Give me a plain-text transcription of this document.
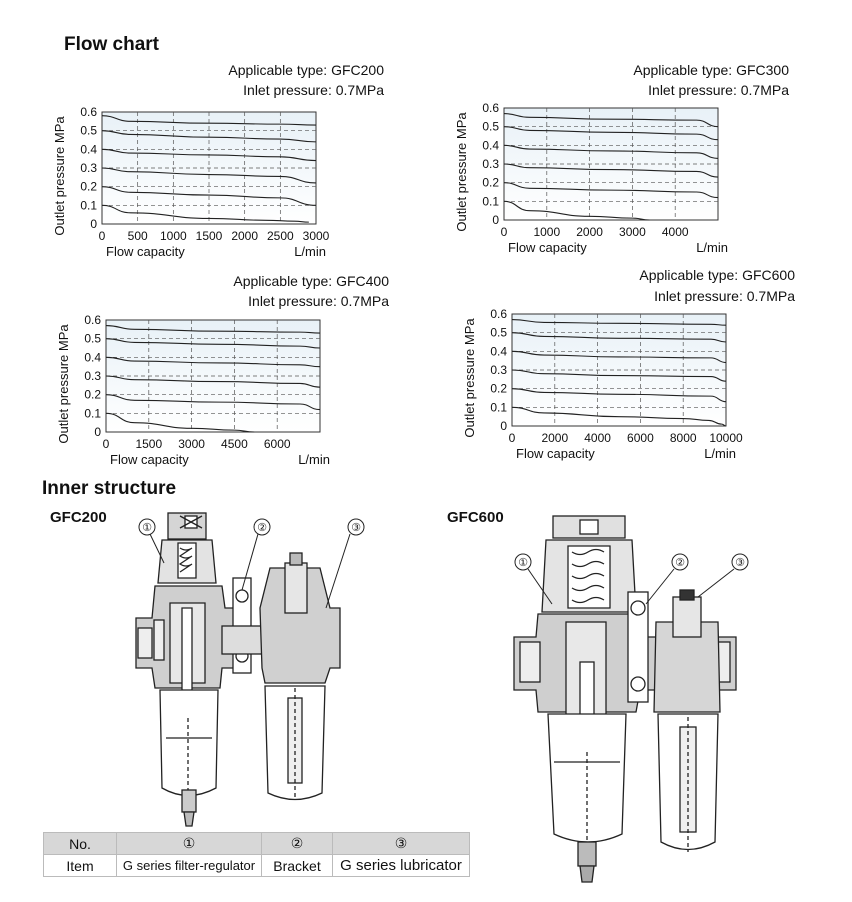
Flow chart
Applicable type: GFC200
Inlet pressure: 0.7MPa
Applicable type: GFC300
Inlet pressure: 0.7MPa
Applicable type: GFC400
Inlet pressure: 0.7MPa
Applicable type: GFC600
Inlet pressure: 0.7MPa
0
0.1
0.2
0.3
0.4
0.5
0.6
0 500 1000 1500 2000 2500 3000
Outlet pressure MPa
Flow capacity	L/min
0
0.1
0.2
0.3
0.4
0.5
0.6
0 1000 2000 3000 4000
Outlet pressure MPa
Flow capacity	L/min
0
0.1
0.2
0.3
0.4
0.5
0.6
0 1500 3000 4500 6000
Outlet pressure MPa
Flow capacity	L/min
0
0.1
0.2
0.3
0.4
0.5
0.6
0 2000 4000 6000 8000 10000
Outlet pressure MPa
Flow capacity	L/min
Inner structure
GFC200	GFC600
①	②	③
①	②	③
No.	①	②	③
Item	G series filter-regulator	Bracket	G series lubricator
